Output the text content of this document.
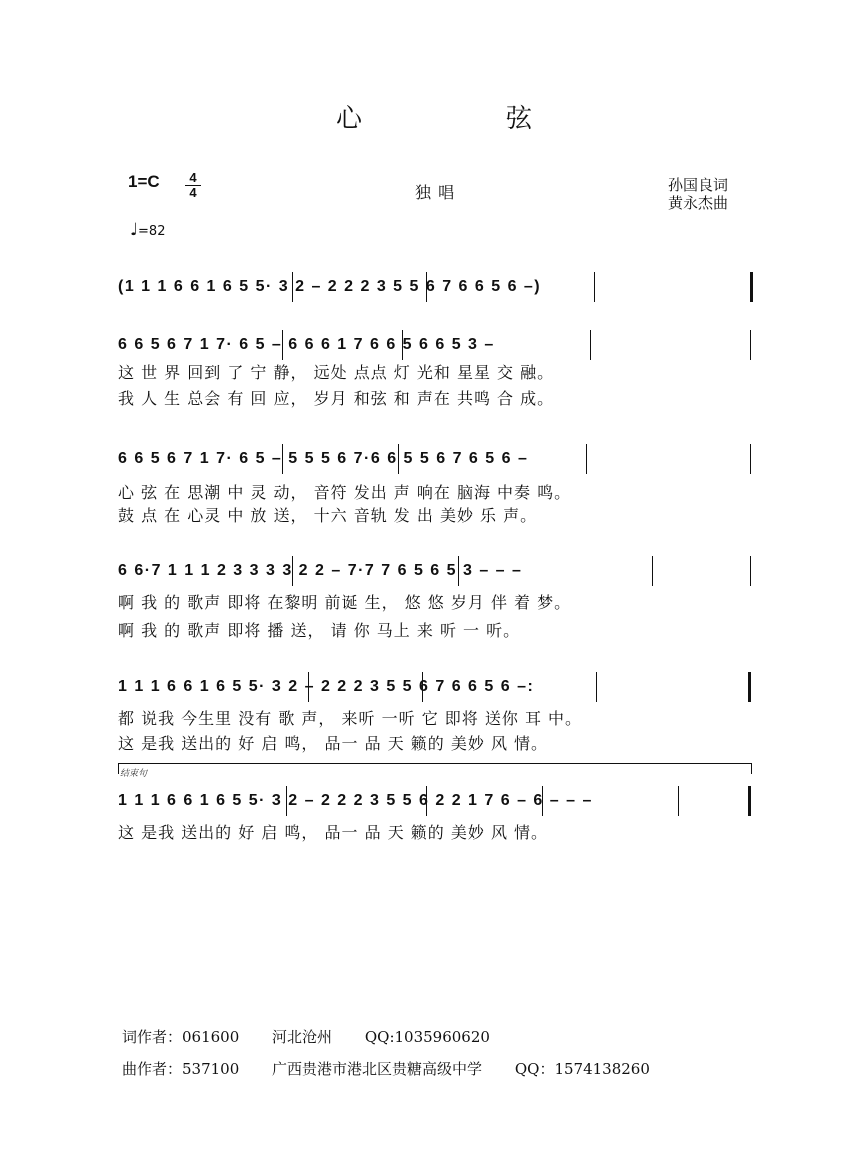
心	弦
1=C	4
4	独 唱	孙国良词
黄永杰曲
♩=82
(1 1 1 6 6 1 6 5 5· 3 2 – 2 2 2 3 5 5 6 7 6 6 5 6 –)
6 6 5 6 7 1 7· 6 5 – 6 6 6 1 7 6 6 5 6 6 5 3 –
这 世 界 回到 了 宁 静， 远处 点点 灯 光和 星星 交 融。
我 人 生 总会 有 回 应， 岁月 和弦 和 声在 共鸣 合 成。
6 6 5 6 7 1 7· 6 5 – 5 5 5 6 7·6 6 5 5 6 7 6 5 6 –
心 弦 在 思潮 中 灵 动， 音符 发出 声 响在 脑海 中奏 鸣。
鼓 点 在 心灵 中 放 送， 十六 音轨 发 出 美妙 乐 声。
6 6·7 1 1 1 2 3 3 3 3 2 2 – 7·7 7 6 5 6 5 3 – – –
啊 我 的 歌声 即将 在黎明 前诞 生， 悠 悠 岁月 伴 着 梦。
啊 我 的 歌声 即将 播 送， 请 你 马上 来 听 一 听。
1 1 1 6 6 1 6 5 5· 3 2 – 2 2 2 3 5 5 6 7 6 6 5 6 –:
都 说我 今生里 没有 歌 声， 来听 一听 它 即将 送你 耳 中。
这 是我 送出的 好 启 鸣， 品一 品 天 籁的 美妙 风 情。
结束句
1 1 1 6 6 1 6 5 5· 3 2 – 2 2 2 3 5 5 6 2 2 1 7 6 – 6 – – –
这 是我 送出的 好 启 鸣， 品一 品 天 籁的 美妙 风 情。
词作者：061600 河北沧州 QQ:1035960620
曲作者：537100 广西贵港市港北区贵糖高级中学 QQ：1574138260
